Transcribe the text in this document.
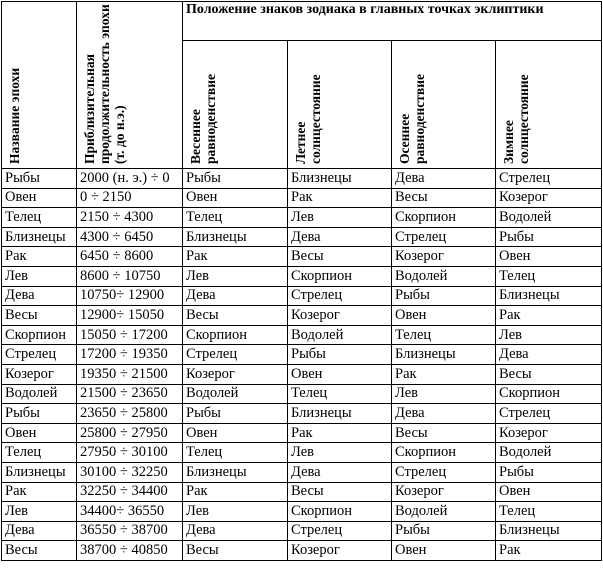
Название эпохи	Приблизительная продолжительность эпохи (т. до н.э.)	Положение знаков зодиака в главных точках эклиптики			

		Весеннее равноденствие	Летнее солнцестояние	Осеннее равноденствие	Зимнее солнцестояние

Рыбы	2000 (н. э.) ÷ 0	Рыбы	Близнецы	Дева	Стрелец
Овен	0 ÷ 2150	Овен	Рак	Весы	Козерог
Телец	2150 ÷ 4300	Телец	Лев	Скорпион	Водолей
Близнецы	4300 ÷ 6450	Близнецы	Дева	Стрелец	Рыбы
Рак	6450 ÷ 8600	Рак	Весы	Козерог	Овен
Лев	8600 ÷ 10750	Лев	Скорпион	Водолей	Телец
Дева	10750÷ 12900	Дева	Стрелец	Рыбы	Близнецы
Весы	12900÷ 15050	Весы	Козерог	Овен	Рак
Скорпион	15050 ÷ 17200	Скорпион	Водолей	Телец	Лев
Стрелец	17200 ÷ 19350	Стрелец	Рыбы	Близнецы	Дева
Козерог	19350 ÷ 21500	Козерог	Овен	Рак	Весы
Водолей	21500 ÷ 23650	Водолей	Телец	Лев	Скорпион
Рыбы	23650 ÷ 25800	Рыбы	Близнецы	Дева	Стрелец
Овен	25800 ÷ 27950	Овен	Рак	Весы	Козерог
Телец	27950 ÷ 30100	Телец	Лев	Скорпион	Водолей
Близнецы	30100 ÷ 32250	Близнецы	Дева	Стрелец	Рыбы
Рак	32250 ÷ 34400	Рак	Весы	Козерог	Овен
Лев	34400÷ 36550	Лев	Скорпион	Водолей	Телец
Дева	36550 ÷ 38700	Дева	Стрелец	Рыбы	Близнецы
Весы	38700 ÷ 40850	Весы	Козерог	Овен	Рак
